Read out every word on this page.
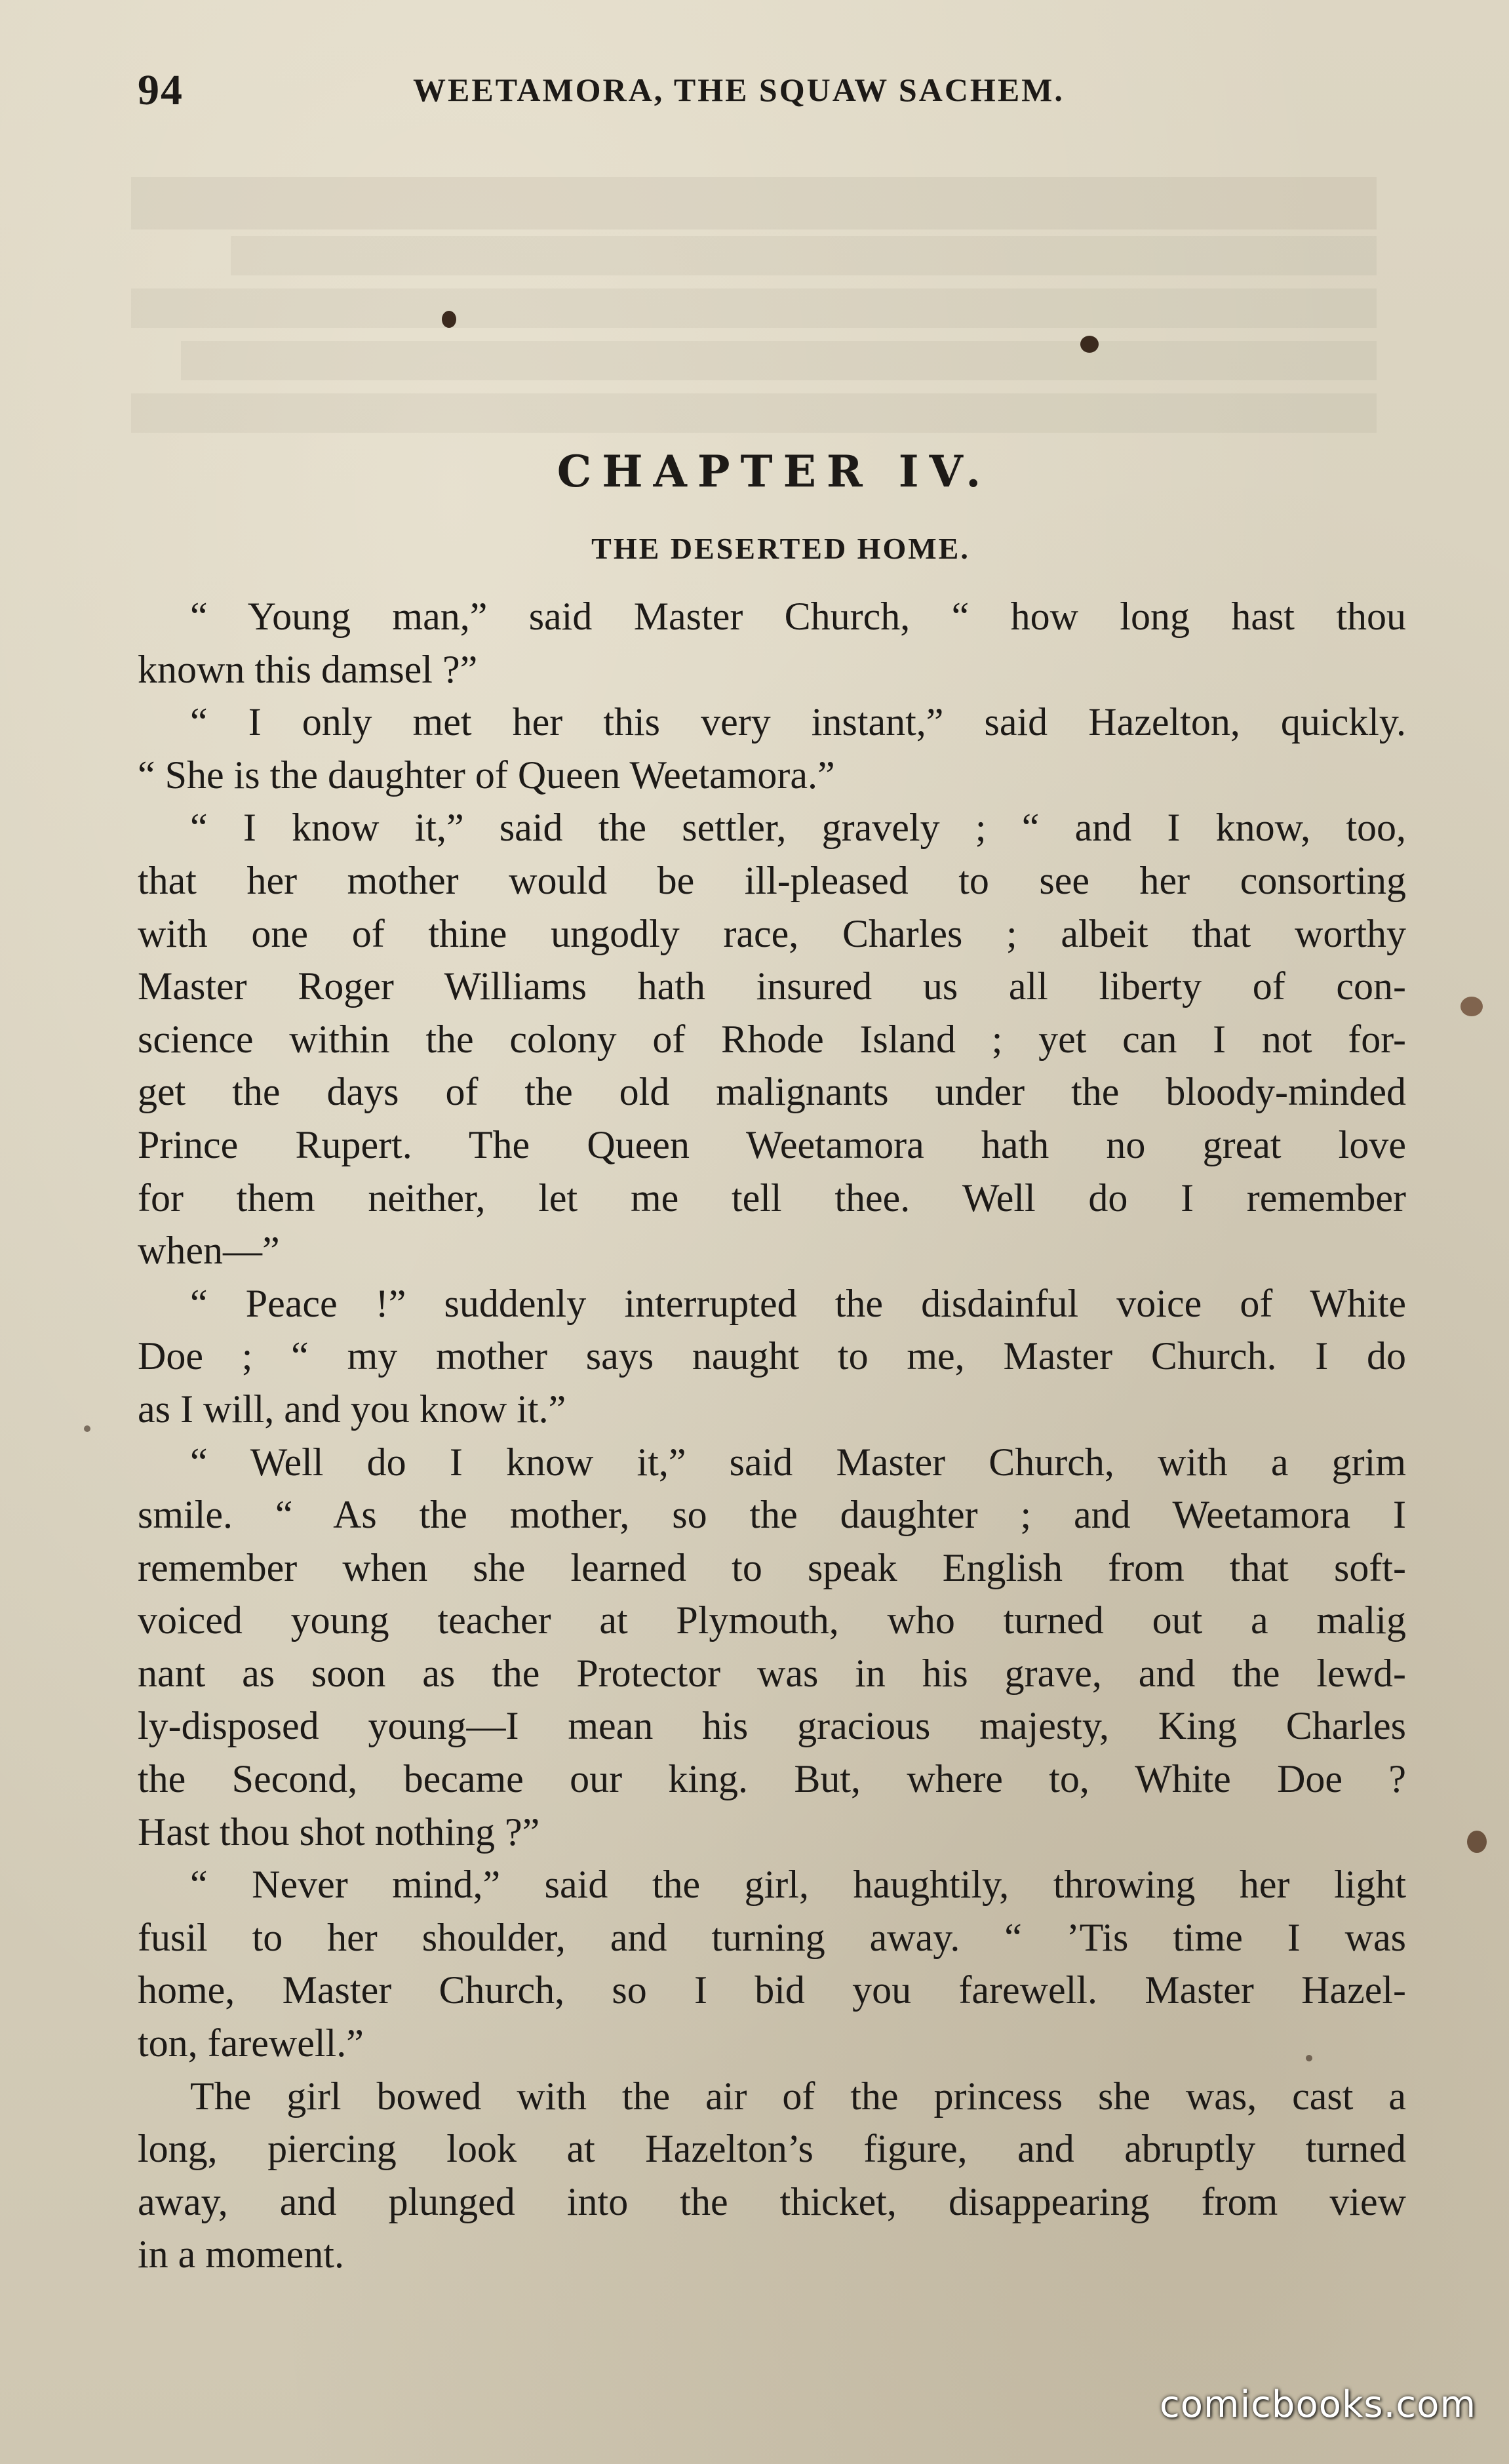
94	WEETAMORA, THE SQUAW SACHEM.
CHAPTER IV.
THE DESERTED HOME.
“ Young man,” said Master Church, “ how long hast thou
known this damsel ?”
“ I only met her this very instant,” said Hazelton, quickly.
“ She is the daughter of Queen Weetamora.”
“ I know it,” said the settler, gravely ; “ and I know, too,
that her mother would be ill-pleased to see her consorting
with one of thine ungodly race, Charles ; albeit that worthy
Master Roger Williams hath insured us all liberty of con-
science within the colony of Rhode Island ; yet can I not for-
get the days of the old malignants under the bloody-minded
Prince Rupert. The Queen Weetamora hath no great love
for them neither, let me tell thee. Well do I remember
when—”
“ Peace !” suddenly interrupted the disdainful voice of White
Doe ; “ my mother says naught to me, Master Church. I do
as I will, and you know it.”
“ Well do I know it,” said Master Church, with a grim
smile. “ As the mother, so the daughter ; and Weetamora I
remember when she learned to speak English from that soft-
voiced young teacher at Plymouth, who turned out a malig
nant as soon as the Protector was in his grave, and the lewd-
ly-disposed young—I mean his gracious majesty, King Charles
the Second, became our king. But, where to, White Doe ?
Hast thou shot nothing ?”
“ Never mind,” said the girl, haughtily, throwing her light
fusil to her shoulder, and turning away. “ ’Tis time I was
home, Master Church, so I bid you farewell. Master Hazel-
ton, farewell.”
The girl bowed with the air of the princess she was, cast a
long, piercing look at Hazelton’s figure, and abruptly turned
away, and plunged into the thicket, disappearing from view
in a moment.
comicbooks.com
